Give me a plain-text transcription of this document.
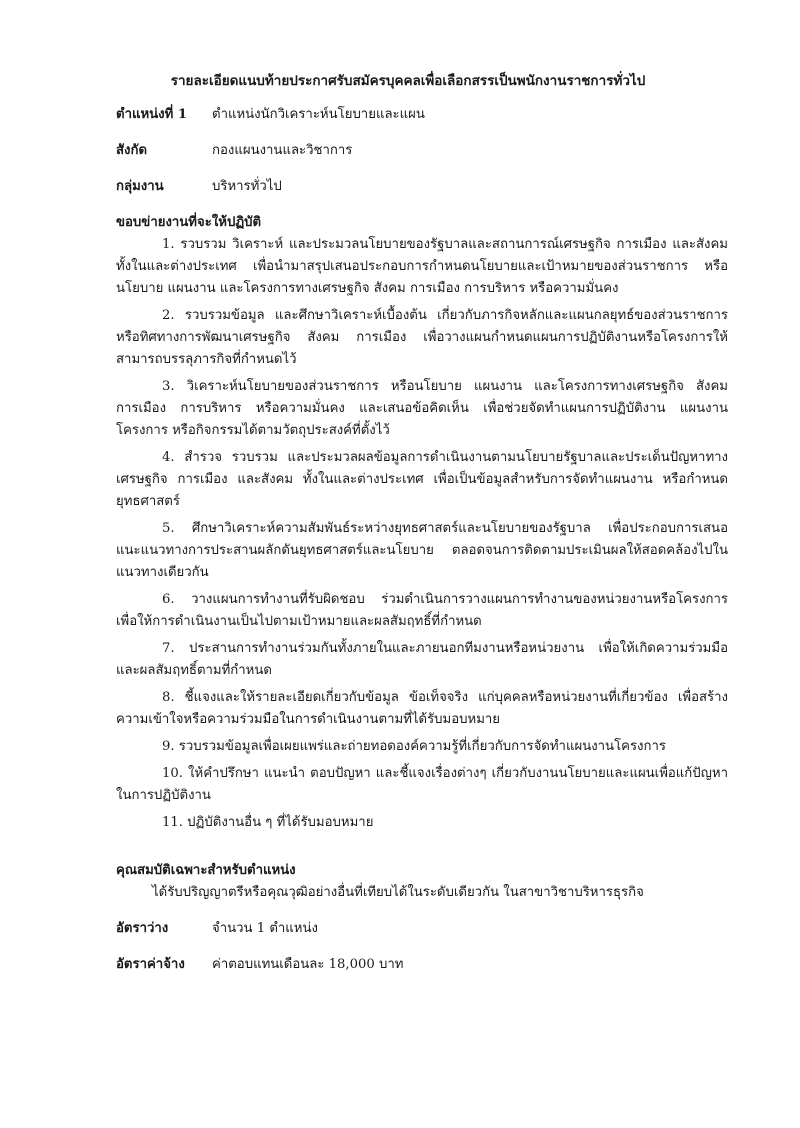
รายละเอียดแนบท้ายประกาศรับสมัครบุคคลเพื่อเลือกสรรเป็นพนักงานราชการทั่วไป
ตำแหน่งที่ 1	ตำแหน่งนักวิเคราะห์นโยบายและแผน
สังกัด	กองแผนงานและวิชาการ
กลุ่มงาน	บริหารทั่วไป
ขอบข่ายงานที่จะให้ปฏิบัติ

1. รวบรวม วิเคราะห์ และประมวลนโยบายของรัฐบาลและสถานการณ์เศรษฐกิจ การเมือง และสังคม ทั้งในและต่างประเทศ เพื่อนำมาสรุปเสนอประกอบการกำหนดนโยบายและเป้าหมายของส่วนราชการ หรือนโยบาย แผนงาน และโครงการทางเศรษฐกิจ สังคม การเมือง การบริหาร หรือความมั่นคง

2. รวบรวมข้อมูล และศึกษาวิเคราะห์เบื้องต้น เกี่ยวกับภารกิจหลักและแผนกลยุทธ์ของส่วนราชการ หรือทิศทางการพัฒนาเศรษฐกิจ สังคม การเมือง เพื่อวางแผนกำหนดแผนการปฏิบัติงานหรือโครงการให้สามารถบรรลุภารกิจที่กำหนดไว้

3. วิเคราะห์นโยบายของส่วนราชการ หรือนโยบาย แผนงาน และโครงการทางเศรษฐกิจ สังคม การเมือง การบริหาร หรือความมั่นคง และเสนอข้อคิดเห็น เพื่อช่วยจัดทำแผนการปฏิบัติงาน แผนงาน โครงการ หรือกิจกรรมได้ตามวัตถุประสงค์ที่ตั้งไว้

4. สำรวจ รวบรวม และประมวลผลข้อมูลการดำเนินงานตามนโยบายรัฐบาลและประเด็นปัญหาทางเศรษฐกิจ การเมือง และสังคม ทั้งในและต่างประเทศ เพื่อเป็นข้อมูลสำหรับการจัดทำแผนงาน หรือกำหนดยุทธศาสตร์

5. ศึกษาวิเคราะห์ความสัมพันธ์ระหว่างยุทธศาสตร์และนโยบายของรัฐบาล เพื่อประกอบการเสนอแนะแนวทางการประสานผลักดันยุทธศาสตร์และนโยบาย ตลอดจนการติดตามประเมินผลให้สอดคล้องไปในแนวทางเดียวกัน

6. วางแผนการทำงานที่รับผิดชอบ ร่วมดำเนินการวางแผนการทำงานของหน่วยงานหรือโครงการ เพื่อให้การดำเนินงานเป็นไปตามเป้าหมายและผลสัมฤทธิ์ที่กำหนด

7. ประสานการทำงานร่วมกันทั้งภายในและภายนอกทีมงานหรือหน่วยงาน เพื่อให้เกิดความร่วมมือและผลสัมฤทธิ์ตามที่กำหนด

8. ชี้แจงและให้รายละเอียดเกี่ยวกับข้อมูล ข้อเท็จจริง แก่บุคคลหรือหน่วยงานที่เกี่ยวข้อง เพื่อสร้างความเข้าใจหรือความร่วมมือในการดำเนินงานตามที่ได้รับมอบหมาย

9. รวบรวมข้อมูลเพื่อเผยแพร่และถ่ายทอดองค์ความรู้ที่เกี่ยวกับการจัดทำแผนงานโครงการ

10. ให้คำปรึกษา แนะนำ ตอบปัญหา และชี้แจงเรื่องต่างๆ เกี่ยวกับงานนโยบายและแผนเพื่อแก้ปัญหาในการปฏิบัติงาน

11. ปฏิบัติงานอื่น ๆ ที่ได้รับมอบหมาย

คุณสมบัติเฉพาะสำหรับตำแหน่ง
ได้รับปริญญาตรีหรือคุณวุฒิอย่างอื่นที่เทียบได้ในระดับเดียวกัน ในสาขาวิชาบริหารธุรกิจ
อัตราว่าง	จำนวน 1 ตำแหน่ง
อัตราค่าจ้าง	ค่าตอบแทนเดือนละ 18,000 บาท
